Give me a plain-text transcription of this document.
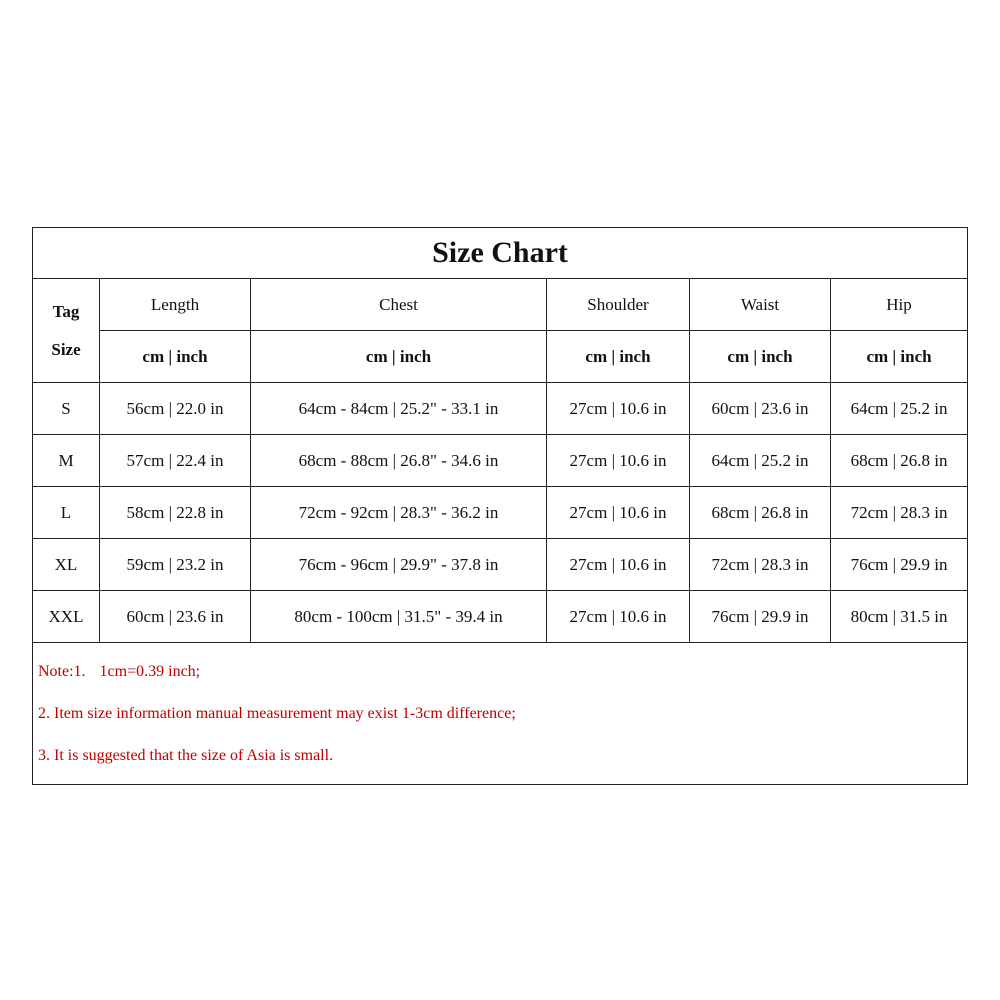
Size Chart					
Tag
Size	Length	Chest	Shoulder	Waist	Hip
	cm | inch	cm | inch	cm | inch	cm | inch	cm | inch
S	56cm | 22.0 in	64cm - 84cm | 25.2" - 33.1 in	27cm | 10.6 in	60cm | 23.6 in	64cm | 25.2 in
M	57cm | 22.4 in	68cm - 88cm | 26.8" - 34.6 in	27cm | 10.6 in	64cm | 25.2 in	68cm | 26.8 in
L	58cm | 22.8 in	72cm - 92cm | 28.3" - 36.2 in	27cm | 10.6 in	68cm | 26.8 in	72cm | 28.3 in
XL	59cm | 23.2 in	76cm - 96cm | 29.9" - 37.8 in	27cm | 10.6 in	72cm | 28.3 in	76cm | 29.9 in
XXL	60cm | 23.6 in	80cm - 100cm | 31.5" - 39.4 in	27cm | 10.6 in	76cm | 29.9 in	80cm | 31.5 in

Note:1. 1cm=0.39 inch;
2. Item size information manual measurement may exist 1-3cm difference;
3. It is suggested that the size of Asia is small.					
